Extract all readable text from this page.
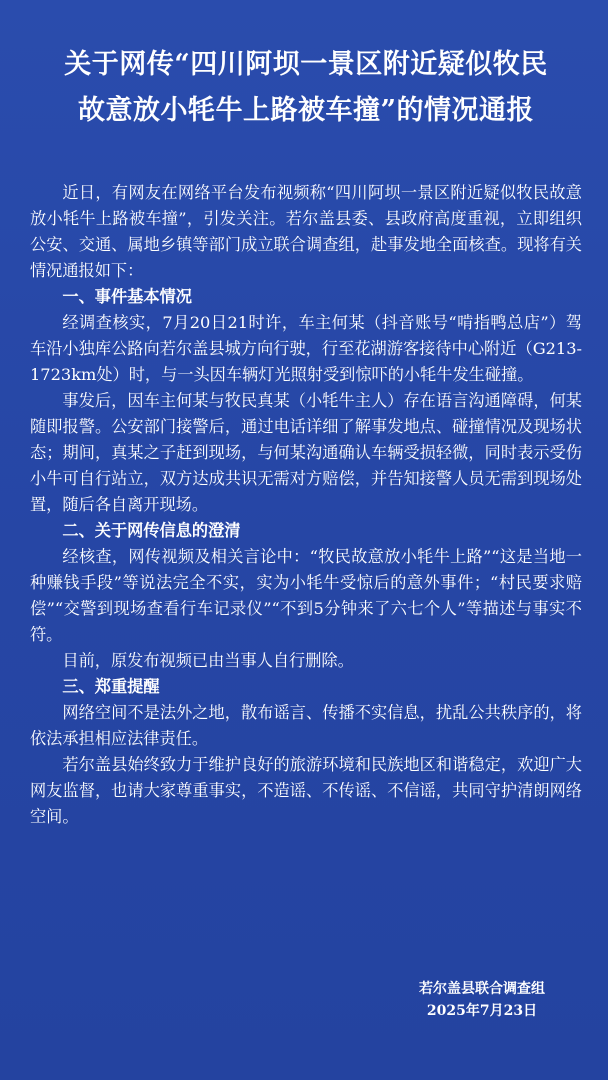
关于网传“四川阿坝一景区附近疑似牧民
故意放小牦牛上路被车撞”的情况通报

近日，有网友在网络平台发布视频称“四川阿坝一景区附近疑似牧民故意放小牦牛上路被车撞”，引发关注。若尔盖县委、县政府高度重视，立即组织公安、交通、属地乡镇等部门成立联合调查组，赴事发地全面核查。现将有关情况通报如下：

一、事件基本情况

经调查核实，7月20日21时许，车主何某（抖音账号“啃指鸭总店”）驾车沿小独库公路向若尔盖县城方向行驶，行至花湖游客接待中心附近（G213-1723km处）时，与一头因车辆灯光照射受到惊吓的小牦牛发生碰撞。

事发后，因车主何某与牧民真某（小牦牛主人）存在语言沟通障碍，何某随即报警。公安部门接警后，通过电话详细了解事发地点、碰撞情况及现场状态；期间，真某之子赶到现场，与何某沟通确认车辆受损轻微，同时表示受伤小牛可自行站立，双方达成共识无需对方赔偿，并告知接警人员无需到现场处置，随后各自离开现场。

二、关于网传信息的澄清

经核查，网传视频及相关言论中：“牧民故意放小牦牛上路”“这是当地一种赚钱手段”等说法完全不实，实为小牦牛受惊后的意外事件；“村民要求赔偿”“交警到现场查看行车记录仪”“不到5分钟来了六七个人”等描述与事实不符。

目前，原发布视频已由当事人自行删除。

三、郑重提醒

网络空间不是法外之地，散布谣言、传播不实信息，扰乱公共秩序的，将依法承担相应法律责任。

若尔盖县始终致力于维护良好的旅游环境和民族地区和谐稳定，欢迎广大网友监督，也请大家尊重事实，不造谣、不传谣、不信谣，共同守护清朗网络空间。

若尔盖县联合调查组
2025年7月23日
